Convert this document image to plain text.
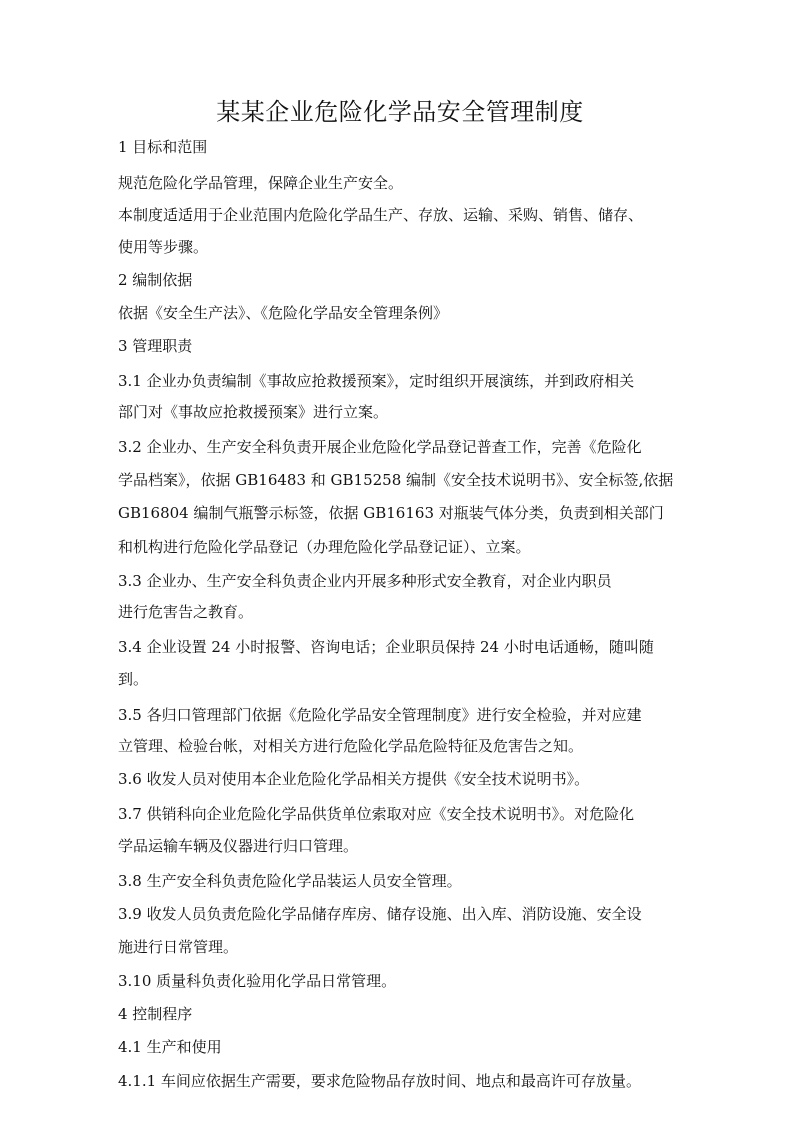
某某企业危险化学品安全管理制度
1 目标和范围
规范危险化学品管理，保障企业生产安全。
本制度适适用于企业范围内危险化学品生产、存放、运输、采购、销售、储存、
使用等步骤。
2 编制依据
依据《安全生产法》、《危险化学品安全管理条例》
3 管理职责
3.1 企业办负责编制《事故应抢救援预案》，定时组织开展演练，并到政府相关
部门对《事故应抢救援预案》进行立案。
3.2 企业办、生产安全科负责开展企业危险化学品登记普查工作，完善《危险化
学品档案》，依据 GB16483 和 GB15258 编制《安全技术说明书》、安全标签,依据
GB16804 编制气瓶警示标签，依据 GB16163 对瓶装气体分类，负责到相关部门
和机构进行危险化学品登记（办理危险化学品登记证）、立案。
3.3 企业办、生产安全科负责企业内开展多种形式安全教育，对企业内职员
进行危害告之教育。
3.4 企业设置 24 小时报警、咨询电话；企业职员保持 24 小时电话通畅，随叫随
到。
3.5 各归口管理部门依据《危险化学品安全管理制度》进行安全检验，并对应建
立管理、检验台帐，对相关方进行危险化学品危险特征及危害告之知。
3.6 收发人员对使用本企业危险化学品相关方提供《安全技术说明书》。
3.7 供销科向企业危险化学品供货单位索取对应《安全技术说明书》。对危险化
学品运输车辆及仪器进行归口管理。
3.8 生产安全科负责危险化学品装运人员安全管理。
3.9 收发人员负责危险化学品储存库房、储存设施、出入库、消防设施、安全设
施进行日常管理。
3.10 质量科负责化验用化学品日常管理。
4 控制程序
4.1 生产和使用
4.1.1 车间应依据生产需要，要求危险物品存放时间、地点和最高许可存放量。
